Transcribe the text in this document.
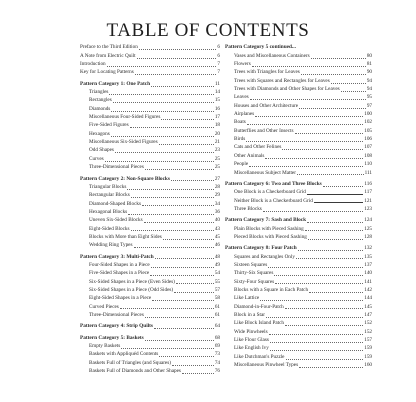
TABLE OF CONTENTS
Preface to the Third Edition	6
A Note from Electric Quilt	6
Introduction	7
Key for Locating Patterns	7
Pattern Category 1: One Patch	11
Triangles	14
Rectangles	15
Diamonds	16
Miscellaneous Four-Sided Figures	17
Five-Sided Figures	18
Hexagons	20
Miscellaneous Six-Sided Figures	21
Odd Shapes	23
Curves	25
Three-Dimensional Pieces	25
Pattern Category 2: Non-Square Blocks	27
Triangular Blocks	28
Rectangular Blocks	29
Diamond-Shaped Blocks	34
Hexagonal Blocks	36
Uneven Six-Sided Blocks	40
Eight-Sided Blocks	43
Blocks with More than Eight Sides	45
Wedding Ring Types	46
Pattern Category 3: Multi-Patch	48
Four-Sided Shapes in a Piece	49
Five-Sided Shapes in a Piece	54
Six-Sided Shapes in a Piece (Even Sides)	55
Six-Sided Shapes in a Piece (Odd Sides)	57
Eight-Sided Shapes in a Piece	58
Curved Pieces	61
Three-Dimensional Pieces	61
Pattern Category 4: Strip Quilts	64
Pattern Category 5: Baskets	68
Empty Baskets	69
Baskets with Appliquéd Contents	73
Baskets Full of Triangles (and Squares)	74
Baskets Full of Diamonds and Other Shapes	76
Pattern Category 5 continued...
Vases and Miscellaneous Containers	80
Flowers	81
Trees with Triangles for Leaves	90
Trees with Squares and Rectangles for Leaves	94
Trees with Diamonds and Other Shapes for Leaves	94
Leaves	95
Houses and Other Architecture	97
Airplanes	100
Boats	102
Butterflies and Other Insects	105
Birds	106
Cats and Other Felines	107
Other Animals	108
People	110
Miscellaneous Subject Matter	111
Pattern Category 6: Two and Three Blocks	116
One Block is a Checkerboard Grid	117
Neither Block is a Checkerboard Grid	121
Three Blocks	123
Pattern Category 7: Sash and Block	124
Plain Blocks with Pieced Sashing	125
Pieced Blocks with Pieced Sashing	128
Pattern Category 8: Four Patch	132
Squares and Rectangles Only	135
Sixteen Squares	137
Thirty-Six Squares	140
Sixty-Four Squares	141
Blocks with a Square in Each Patch	142
Like Lattice	144
Diamond-in-Four-Patch	145
Block in a Star	147
Like Block Island Patch	152
Wide Pinwheels	152
Like Flour Glass	157
Like English Ivy	159
Like Dutchman's Puzzle	159
Miscellaneous Pinwheel Types	160
